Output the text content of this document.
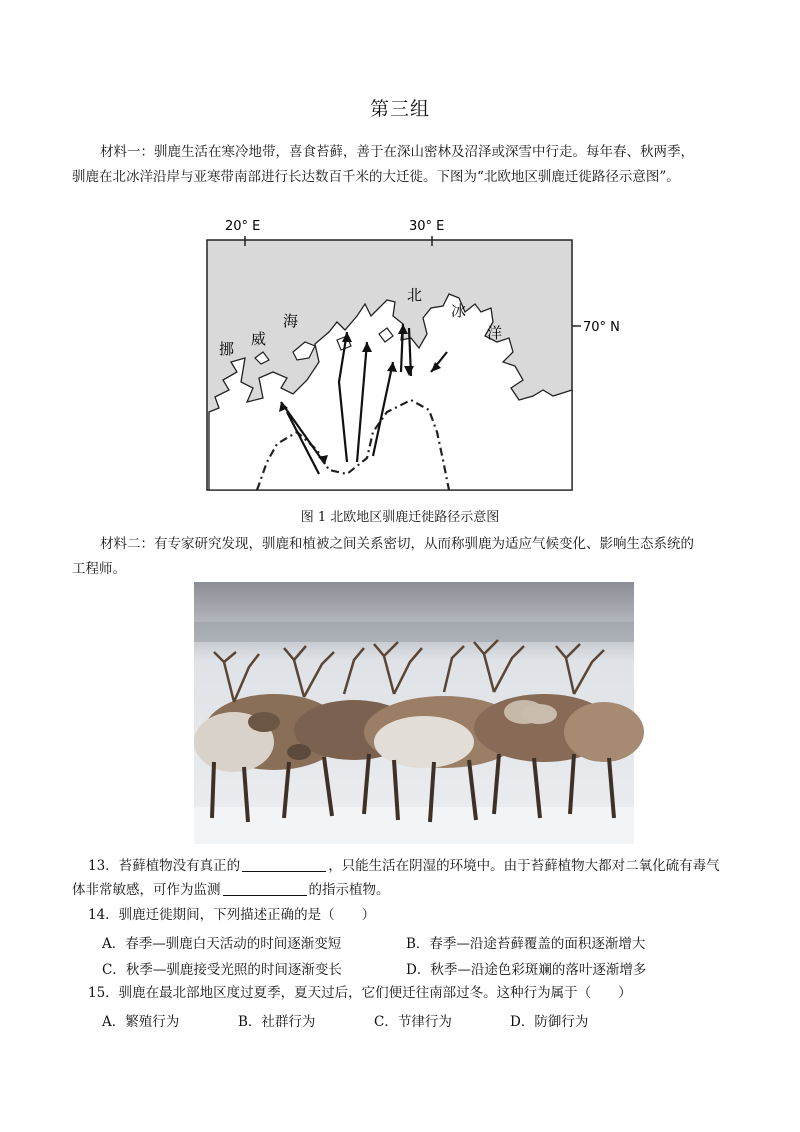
第三组
材料一：驯鹿生活在寒冷地带，喜食苔藓，善于在深山密林及沼泽或深雪中行走。每年春、秋两季，
驯鹿在北冰洋沿岸与亚寒带南部进行长达数百千米的大迁徙。下图为“北欧地区驯鹿迁徙路径示意图”。
20° E	30° E
70° N
挪
威
海
北
冰
洋
图 1 北欧地区驯鹿迁徙路径示意图
材料二：有专家研究发现，驯鹿和植被之间关系密切，从而称驯鹿为适应气候变化、影响生态系统的
工程师。
13．苔藓植物没有真正的	，只能生活在阴湿的环境中。由于苔藓植物大都对二氧化硫有毒气
体非常敏感，可作为监测	的指示植物。
14．驯鹿迁徙期间，下列描述正确的是（　　）
A．春季—驯鹿白天活动的时间逐渐变短	B．春季—沿途苔藓覆盖的面积逐渐增大
C．秋季—驯鹿接受光照的时间逐渐变长	D．秋季—沿途色彩斑斓的落叶逐渐增多
15．驯鹿在最北部地区度过夏季，夏天过后，它们便迁往南部过冬。这种行为属于（　　）
A．繁殖行为	B．社群行为	C．节律行为	D．防御行为
